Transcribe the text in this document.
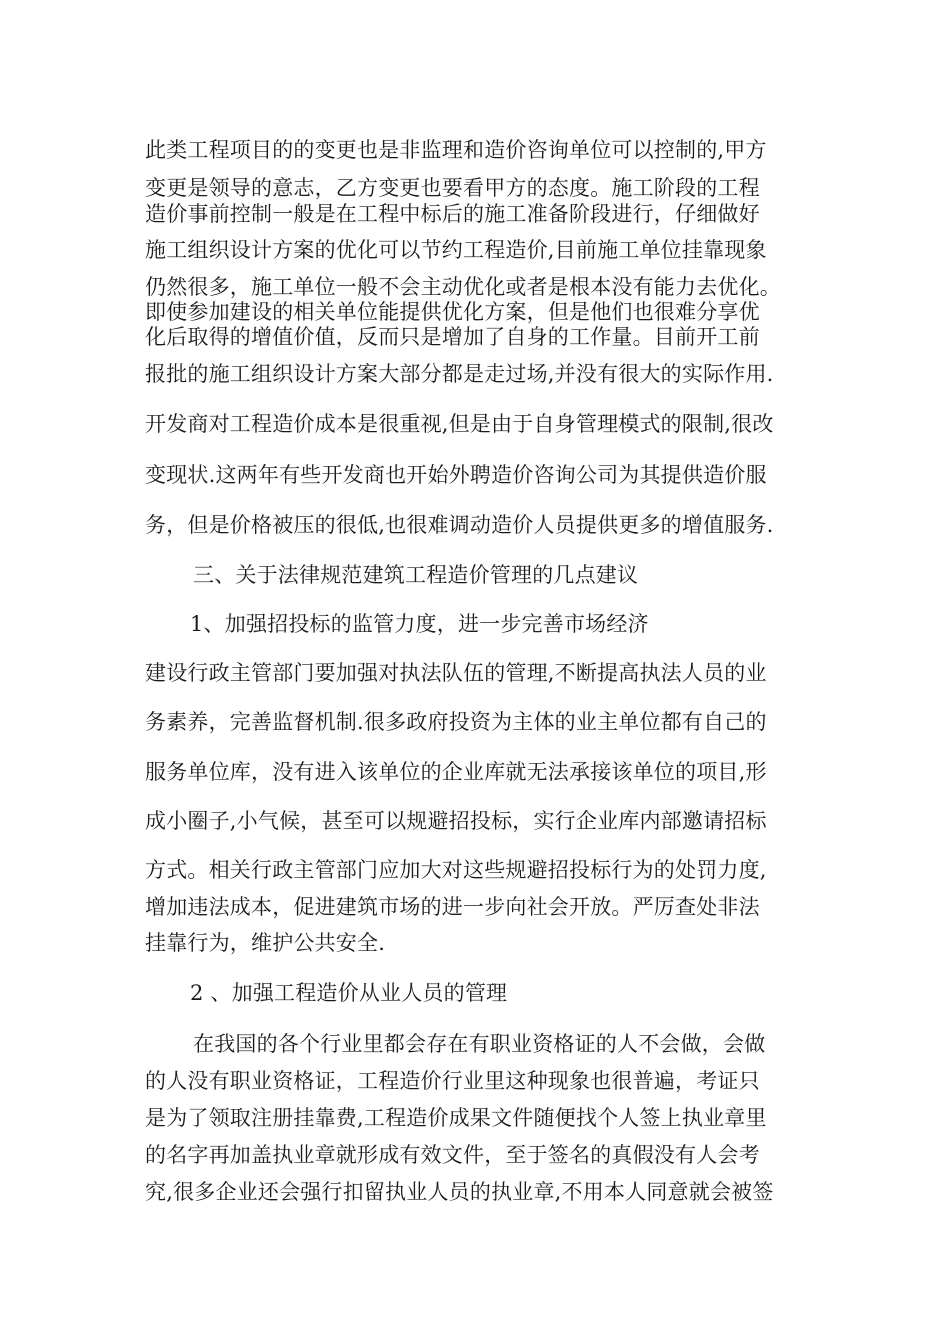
此类工程项目的的变更也是非监理和造价咨询单位可以控制的,甲方
变更是领导的意志，乙方变更也要看甲方的态度。施工阶段的工程
造价事前控制一般是在工程中标后的施工准备阶段进行，仔细做好
施工组织设计方案的优化可以节约工程造价,目前施工单位挂靠现象
仍然很多，施工单位一般不会主动优化或者是根本没有能力去优化。
即使参加建设的相关单位能提供优化方案，但是他们也很难分享优
化后取得的增值价值，反而只是增加了自身的工作量。目前开工前
报批的施工组织设计方案大部分都是走过场,并没有很大的实际作用.
开发商对工程造价成本是很重视,但是由于自身管理模式的限制,很改
变现状.这两年有些开发商也开始外聘造价咨询公司为其提供造价服
务，但是价格被压的很低,也很难调动造价人员提供更多的增值服务.
三、关于法律规范建筑工程造价管理的几点建议
1、加强招投标的监管力度，进一步完善市场经济
建设行政主管部门要加强对执法队伍的管理,不断提高执法人员的业
务素养，完善监督机制.很多政府投资为主体的业主单位都有自己的
服务单位库，没有进入该单位的企业库就无法承接该单位的项目,形
成小圈子,小气候，甚至可以规避招投标，实行企业库内部邀请招标
方式。相关行政主管部门应加大对这些规避招投标行为的处罚力度,
增加违法成本，促进建筑市场的进一步向社会开放。严厉查处非法
挂靠行为，维护公共安全.
2 、加强工程造价从业人员的管理
在我国的各个行业里都会存在有职业资格证的人不会做，会做
的人没有职业资格证，工程造价行业里这种现象也很普遍，考证只
是为了领取注册挂靠费,工程造价成果文件随便找个人签上执业章里
的名字再加盖执业章就形成有效文件，至于签名的真假没有人会考
究,很多企业还会强行扣留执业人员的执业章,不用本人同意就会被签
